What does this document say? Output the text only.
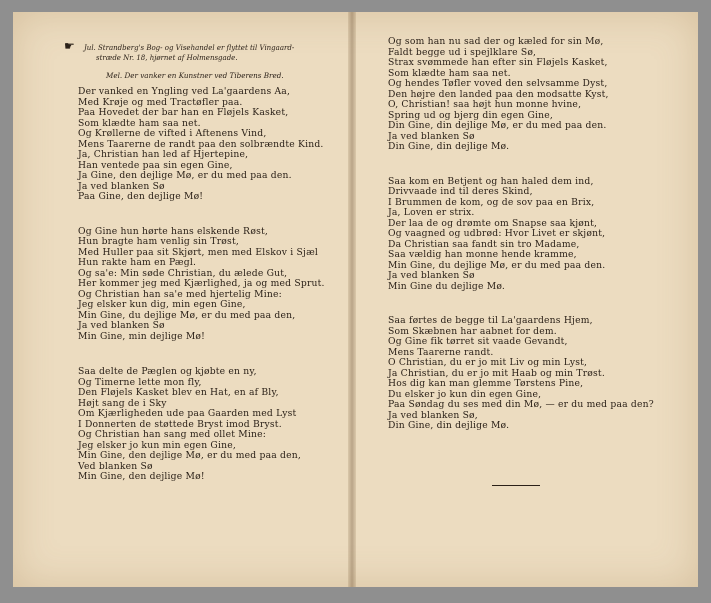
☛ Jul. Strandberg's Bog- og Visehandel er flyttet til Vingaard-
stræde Nr. 18, hjørnet af Holmensgade.
Mel. Der vanker en Kunstner ved Tiberens Bred.
Der vanked en Yngling ved La'gaardens Aa,
Med Krøje og med Tractøfler paa.
Paa Hovedet der bar han en Fløjels Kasket,
Som klædte ham saa net.
Og Krøllerne de vifted i Aftenens Vind,
Mens Taarerne de randt paa den solbrændte Kind.
Ja, Christian han led af Hjertepine,
Han ventede paa sin egen Gine,
Ja Gine, den dejlige Mø, er du med paa den.
Ja ved blanken Sø
Paa Gine, den dejlige Mø!
Og Gine hun hørte hans elskende Røst,
Hun bragte ham venlig sin Trøst,
Med Huller paa sit Skjørt, men med Elskov i Sjæl
Hun rakte ham en Pægl.
Og sa'e: Min søde Christian, du ælede Gut,
Her kommer jeg med Kjærlighed, ja og med Sprut.
Og Christian han sa'e med hjertelig Mine:
Jeg elsker kun dig, min egen Gine,
Min Gine, du dejlige Mø, er du med paa den,
Ja ved blanken Sø
Min Gine, min dejlige Mø!
Saa delte de Pæglen og kjøbte en ny,
Og Timerne lette mon fly,
Den Fløjels Kasket blev en Hat, en af Bly,
Højt sang de i Sky
Om Kjærligheden ude paa Gaarden med Lyst
I Donnerten de støttede Bryst imod Bryst.
Og Christian han sang med ollet Mine:
Jeg elsker jo kun min egen Gine,
Min Gine, den dejlige Mø, er du med paa den,
Ved blanken Sø
Min Gine, den dejlige Mø!
Og som han nu sad der og kæled for sin Mø,
Faldt begge ud i spejlklare Sø,
Strax svømmede han efter sin Fløjels Kasket,
Som klædte ham saa net.
Og hendes Tøfler voved den selvsamme Dyst,
Den højre den landed paa den modsatte Kyst,
O, Christian! saa højt hun monne hvine,
Spring ud og bjerg din egen Gine,
Din Gine, din dejlige Mø, er du med paa den.
Ja ved blanken Sø
Din Gine, din dejlige Mø.
Saa kom en Betjent og han haled dem ind,
Drivvaade ind til deres Skind,
I Brummen de kom, og de sov paa en Brix,
Ja, Loven er strix.
Der laa de og drømte om Snapse saa kjønt,
Og vaagned og udbrød: Hvor Livet er skjønt,
Da Christian saa fandt sin tro Madame,
Saa vældig han monne hende kramme,
Min Gine, du dejlige Mø, er du med paa den.
Ja ved blanken Sø
Min Gine du dejlige Mø.
Saa førtes de begge til La'gaardens Hjem,
Som Skæbnen har aabnet for dem.
Og Gine fik tørret sit vaade Gevandt,
Mens Taarerne randt.
O Christian, du er jo mit Liv og min Lyst,
Ja Christian, du er jo mit Haab og min Trøst.
Hos dig kan man glemme Tørstens Pine,
Du elsker jo kun din egen Gine,
Paa Søndag du ses med din Mø, — er du med paa den?
Ja ved blanken Sø,
Din Gine, din dejlige Mø.
